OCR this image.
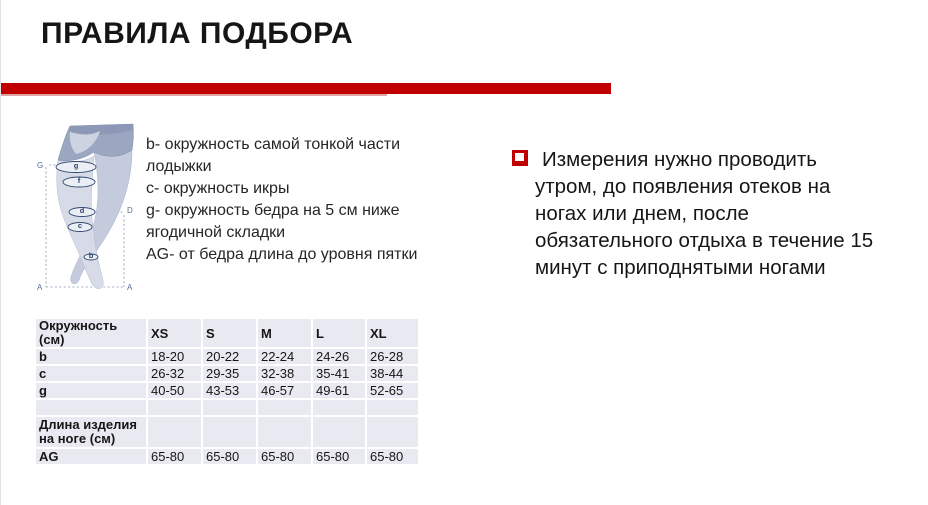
ПРАВИЛА ПОДБОРА
g
f
d
c
b
G
D
A	A
b- окружность самой тонкой части лодыжки
c- окружность икры
g- окружность бедра на 5 см ниже ягодичной складки
AG- от бедра длина до уровня пятки
Измерения нужно проводить
утром, до появления отеков на
ногах или днем, после
обязательного отдыха в течение 15
минут с приподнятыми ногами
Окружность (см)	XS	S	M	L	XL
b	18-20	20-22	22-24	24-26	26-28
c	26-32	29-35	32-38	35-41	38-44
g	40-50	43-53	46-57	49-61	52-65

Длина изделия на ноге (см)					
AG	65-80	65-80	65-80	65-80	65-80
